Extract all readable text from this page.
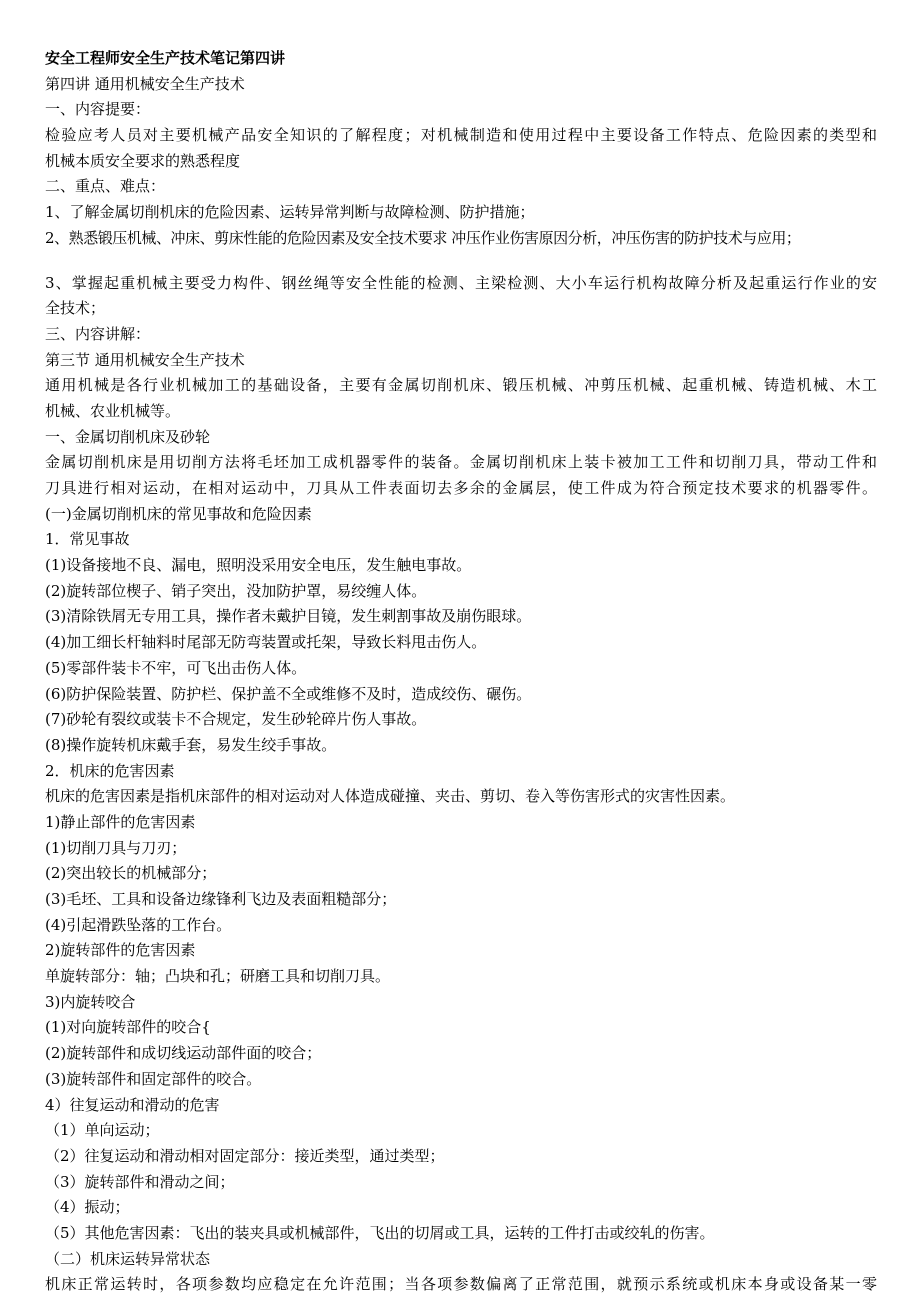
安全工程师安全生产技术笔记第四讲
第四讲 通用机械安全生产技术
一、内容提要：
检验应考人员对主要机械产品安全知识的了解程度；对机械制造和使用过程中主要设备工作特点、危险因素的类型和
机械本质安全要求的熟悉程度
二、重点、难点：
1、了解金属切削机床的危险因素、运转异常判断与故障检测、防护措施；
2、熟悉锻压机械、冲床、剪床性能的危险因素及安全技术要求 冲压作业伤害原因分析，冲压伤害的防护技术与应用；
3、掌握起重机械主要受力构件、钢丝绳等安全性能的检测、主梁检测、大小车运行机构故障分析及起重运行作业的安
全技术；
三、内容讲解：
第三节 通用机械安全生产技术
通用机械是各行业机械加工的基础设备，主要有金属切削机床、锻压机械、冲剪压机械、起重机械、铸造机械、木工
机械、农业机械等。
一、金属切削机床及砂轮
金属切削机床是用切削方法将毛坯加工成机器零件的装备。金属切削机床上装卡被加工工件和切削刀具，带动工件和
刀具进行相对运动，在相对运动中，刀具从工件表面切去多余的金属层，使工件成为符合预定技术要求的机器零件。
(一)金属切削机床的常见事故和危险因素
1．常见事故
(1)设备接地不良、漏电，照明没采用安全电压，发生触电事故。
(2)旋转部位楔子、销子突出，没加防护罩，易绞缠人体。
(3)清除铁屑无专用工具，操作者未戴护目镜，发生刺割事故及崩伤眼球。
(4)加工细长杆轴料时尾部无防弯装置或托架，导致长料甩击伤人。
(5)零部件装卡不牢，可飞出击伤人体。
(6)防护保险装置、防护栏、保护盖不全或维修不及时，造成绞伤、碾伤。
(7)砂轮有裂纹或装卡不合规定，发生砂轮碎片伤人事故。
(8)操作旋转机床戴手套，易发生绞手事故。
2．机床的危害因素
机床的危害因素是指机床部件的相对运动对人体造成碰撞、夹击、剪切、卷入等伤害形式的灾害性因素。
1)静止部件的危害因素
(1)切削刀具与刀刃；
(2)突出较长的机械部分；
(3)毛坯、工具和设备边缘锋利飞边及表面粗糙部分；
(4)引起滑跌坠落的工作台。
2)旋转部件的危害因素
单旋转部分：轴；凸块和孔；研磨工具和切削刀具。
3)内旋转咬合
(1)对向旋转部件的咬合{
(2)旋转部件和成切线运动部件面的咬合；
(3)旋转部件和固定部件的咬合。
4）往复运动和滑动的危害
（1）单向运动；
（2）往复运动和滑动相对固定部分：接近类型，通过类型；
（3）旋转部件和滑动之间；
（4）振动；
（5）其他危害因素：飞出的装夹具或机械部件，飞出的切屑或工具，运转的工件打击或绞轧的伤害。
（二）机床运转异常状态
机床正常运转时，各项参数均应稳定在允许范围；当各项参数偏离了正常范围，就预示系统或机床本身或设备某一零
